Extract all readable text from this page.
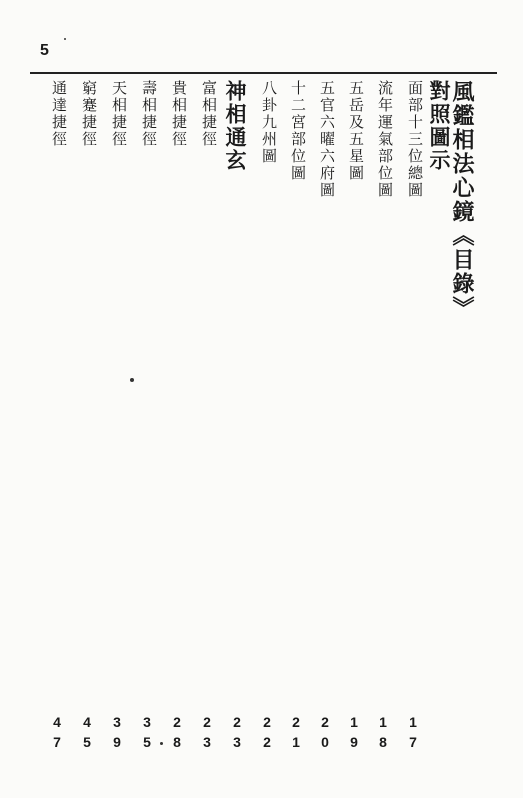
5
風鑑相法心鏡《目錄》
對照圖示
面部十三位總圖
1
7
流年運氣部位圖
1
8
五岳及五星圖
1
9
五官六曜六府圖
2
0
十二宮部位圖
2
1
八卦九州圖
2
2
神相通玄
2
3
富相捷徑
2
3
貴相捷徑
2
8
壽相捷徑
3
5
天相捷徑
3
9
窮蹇捷徑
4
5
通達捷徑
4
7
